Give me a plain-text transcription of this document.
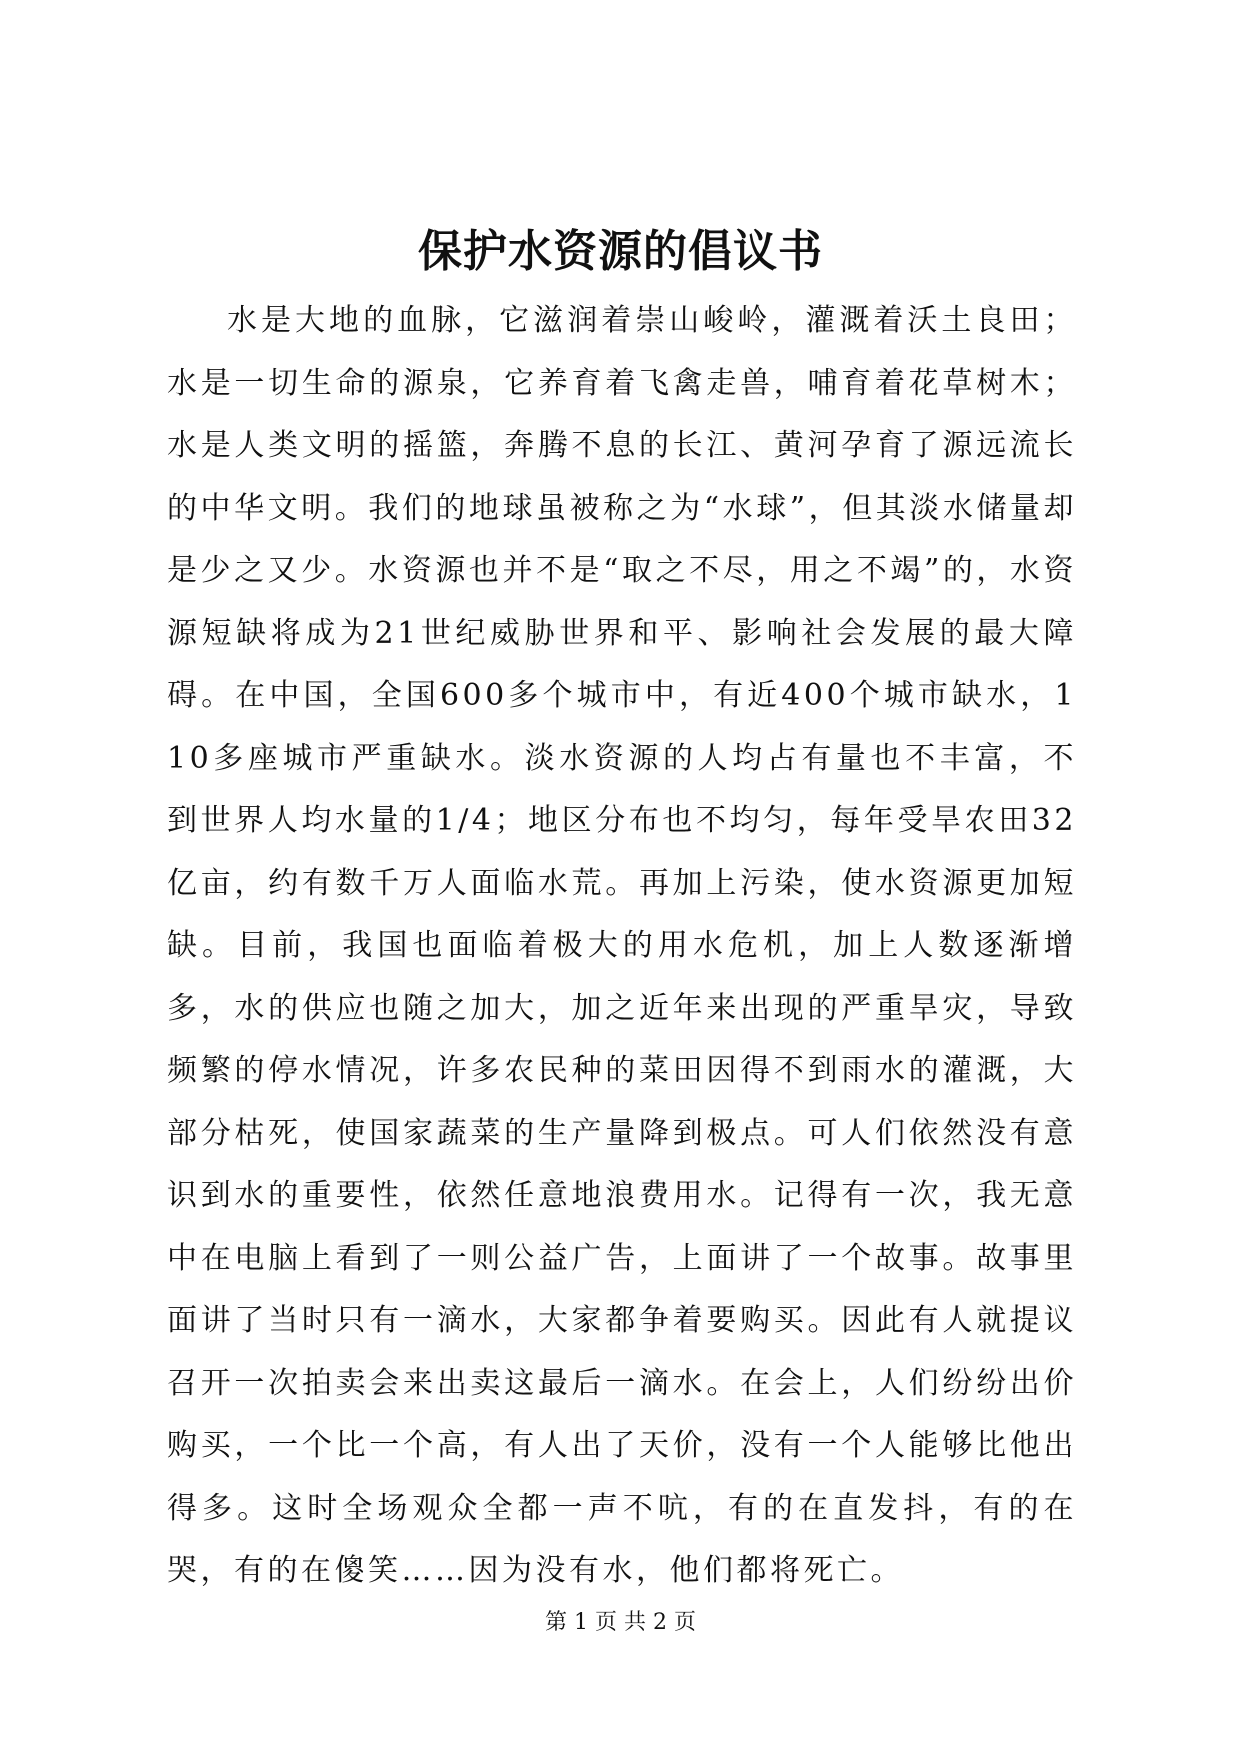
保护水资源的倡议书

水是大地的血脉，它滋润着崇山峻岭，灌溉着沃土良田；水是一切生命的源泉，它养育着飞禽走兽，哺育着花草树木；水是人类文明的摇篮，奔腾不息的长江、黄河孕育了源远流长的中华文明。我们的地球虽被称之为“水球”，但其淡水储量却是少之又少。水资源也并不是“取之不尽，用之不竭”的，水资源短缺将成为21世纪威胁世界和平、影响社会发展的最大障碍。在中国，全国600多个城市中，有近400个城市缺水，110多座城市严重缺水。淡水资源的人均占有量也不丰富，不到世界人均水量的1/4；地区分布也不均匀，每年受旱农田32亿亩，约有数千万人面临水荒。再加上污染，使水资源更加短缺。目前，我国也面临着极大的用水危机，加上人数逐渐增多，水的供应也随之加大，加之近年来出现的严重旱灾，导致频繁的停水情况，许多农民种的菜田因得不到雨水的灌溉，大部分枯死，使国家蔬菜的生产量降到极点。可人们依然没有意识到水的重要性，依然任意地浪费用水。记得有一次，我无意中在电脑上看到了一则公益广告，上面讲了一个故事。故事里面讲了当时只有一滴水，大家都争着要购买。因此有人就提议召开一次拍卖会来出卖这最后一滴水。在会上，人们纷纷出价购买，一个比一个高，有人出了天价，没有一个人能够比他出得多。这时全场观众全都一声不吭，有的在直发抖，有的在哭，有的在傻笑……因为没有水，他们都将死亡。

第 1 页 共 2 页
